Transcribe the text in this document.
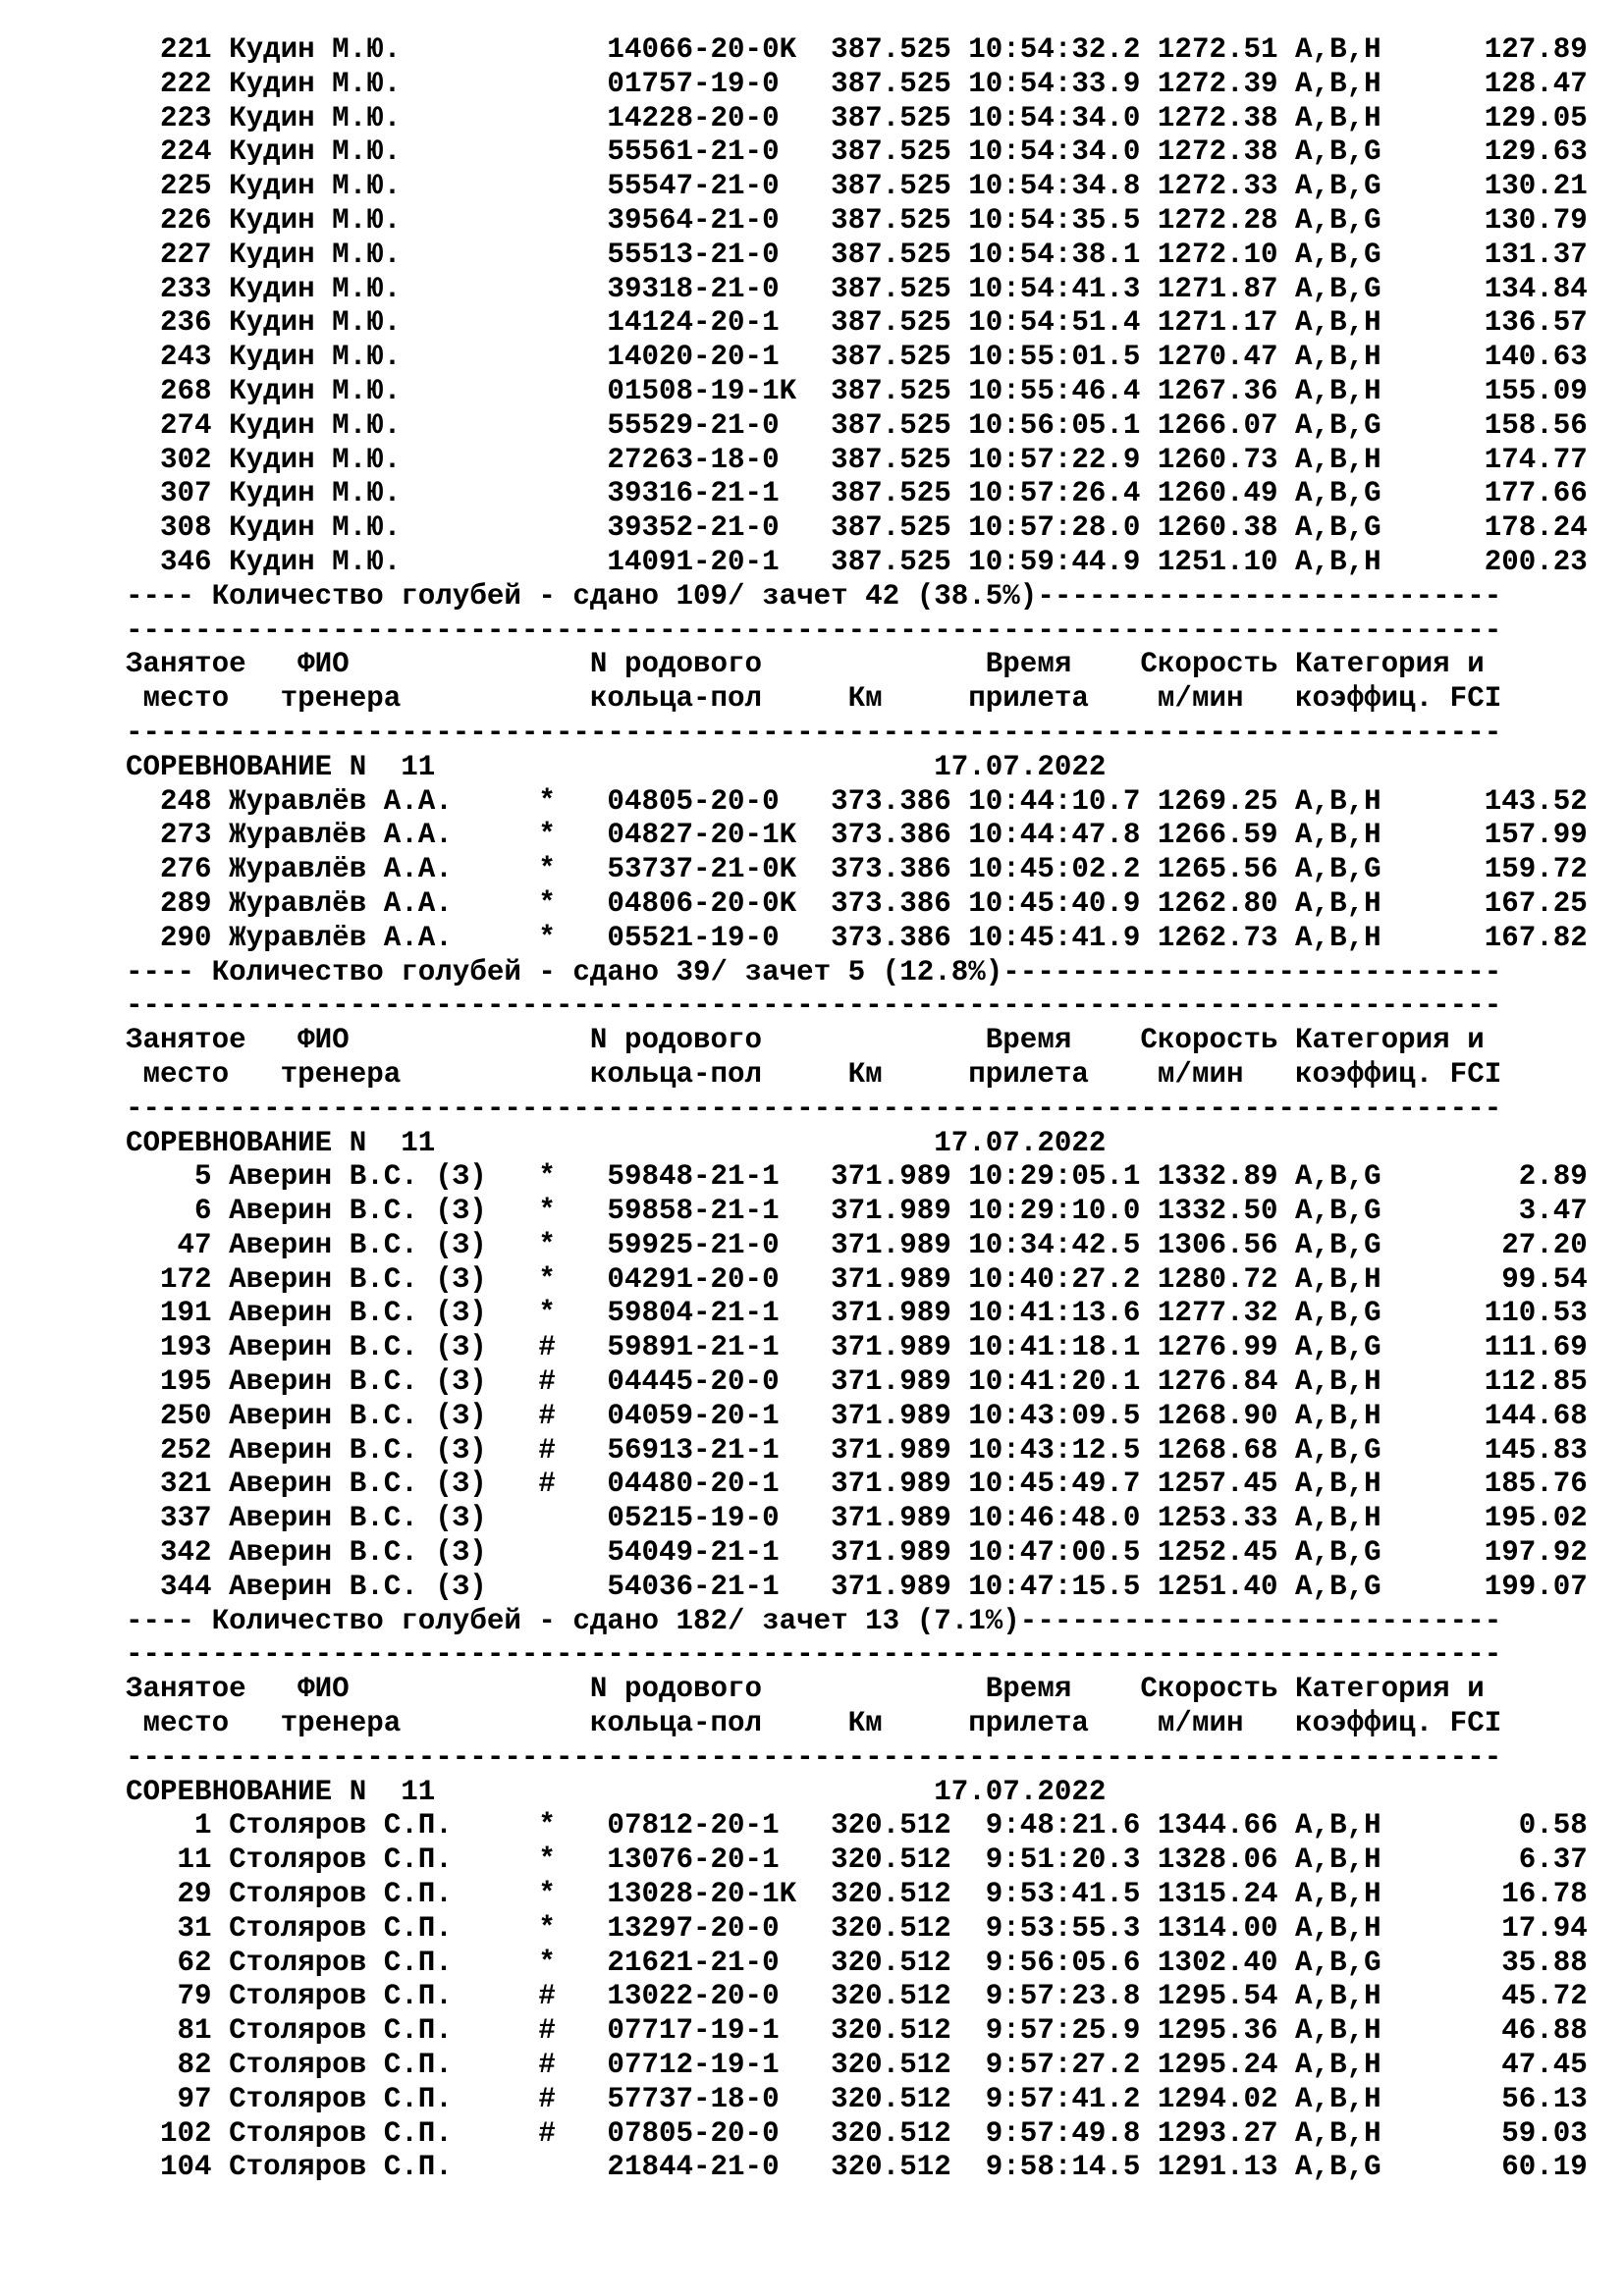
221 Кудин М.Ю.            14066-20-0K  387.525 10:54:32.2 1272.51 A,B,H      127.89
222 Кудин М.Ю.            01757-19-0   387.525 10:54:33.9 1272.39 A,B,H      128.47
223 Кудин М.Ю.            14228-20-0   387.525 10:54:34.0 1272.38 A,B,H      129.05
224 Кудин М.Ю.            55561-21-0   387.525 10:54:34.0 1272.38 A,B,G      129.63
225 Кудин М.Ю.            55547-21-0   387.525 10:54:34.8 1272.33 A,B,G      130.21
226 Кудин М.Ю.            39564-21-0   387.525 10:54:35.5 1272.28 A,B,G      130.79
227 Кудин М.Ю.            55513-21-0   387.525 10:54:38.1 1272.10 A,B,G      131.37
233 Кудин М.Ю.            39318-21-0   387.525 10:54:41.3 1271.87 A,B,G      134.84
236 Кудин М.Ю.            14124-20-1   387.525 10:54:51.4 1271.17 A,B,H      136.57
243 Кудин М.Ю.            14020-20-1   387.525 10:55:01.5 1270.47 A,B,H      140.63
268 Кудин М.Ю.            01508-19-1K  387.525 10:55:46.4 1267.36 A,B,H      155.09
274 Кудин М.Ю.            55529-21-0   387.525 10:56:05.1 1266.07 A,B,G      158.56
302 Кудин М.Ю.            27263-18-0   387.525 10:57:22.9 1260.73 A,B,H      174.77
307 Кудин М.Ю.            39316-21-1   387.525 10:57:26.4 1260.49 A,B,G      177.66
308 Кудин М.Ю.            39352-21-0   387.525 10:57:28.0 1260.38 A,B,G      178.24
346 Кудин М.Ю.            14091-20-1   387.525 10:59:44.9 1251.10 A,B,H      200.23
---- Количество голубей - сдано 109/ зачет 42 (38.5%)---------------------------
--------------------------------------------------------------------------------
Занятое   ФИО              N родового             Время    Скорость Категория и
место   тренера           кольца-пол     Км     прилета    м/мин   коэффиц. FCI
--------------------------------------------------------------------------------
СОРЕВНОВАНИЕ N  11                             17.07.2022
248 Журавлёв А.А.     *   04805-20-0   373.386 10:44:10.7 1269.25 A,B,H      143.52
273 Журавлёв А.А.     *   04827-20-1K  373.386 10:44:47.8 1266.59 A,B,H      157.99
276 Журавлёв А.А.     *   53737-21-0K  373.386 10:45:02.2 1265.56 A,B,G      159.72
289 Журавлёв А.А.     *   04806-20-0K  373.386 10:45:40.9 1262.80 A,B,H      167.25
290 Журавлёв А.А.     *   05521-19-0   373.386 10:45:41.9 1262.73 A,B,H      167.82
---- Количество голубей - сдано 39/ зачет 5 (12.8%)-----------------------------
--------------------------------------------------------------------------------
Занятое   ФИО              N родового             Время    Скорость Категория и
место   тренера           кольца-пол     Км     прилета    м/мин   коэффиц. FCI
--------------------------------------------------------------------------------
СОРЕВНОВАНИЕ N  11                             17.07.2022
5 Аверин В.С. (З)   *   59848-21-1   371.989 10:29:05.1 1332.89 A,B,G        2.89
6 Аверин В.С. (З)   *   59858-21-1   371.989 10:29:10.0 1332.50 A,B,G        3.47
47 Аверин В.С. (З)   *   59925-21-0   371.989 10:34:42.5 1306.56 A,B,G       27.20
172 Аверин В.С. (З)   *   04291-20-0   371.989 10:40:27.2 1280.72 A,B,H       99.54
191 Аверин В.С. (З)   *   59804-21-1   371.989 10:41:13.6 1277.32 A,B,G      110.53
193 Аверин В.С. (З)   #   59891-21-1   371.989 10:41:18.1 1276.99 A,B,G      111.69
195 Аверин В.С. (З)   #   04445-20-0   371.989 10:41:20.1 1276.84 A,B,H      112.85
250 Аверин В.С. (З)   #   04059-20-1   371.989 10:43:09.5 1268.90 A,B,H      144.68
252 Аверин В.С. (З)   #   56913-21-1   371.989 10:43:12.5 1268.68 A,B,G      145.83
321 Аверин В.С. (З)   #   04480-20-1   371.989 10:45:49.7 1257.45 A,B,H      185.76
337 Аверин В.С. (З)       05215-19-0   371.989 10:46:48.0 1253.33 A,B,H      195.02
342 Аверин В.С. (З)       54049-21-1   371.989 10:47:00.5 1252.45 A,B,G      197.92
344 Аверин В.С. (З)       54036-21-1   371.989 10:47:15.5 1251.40 A,B,G      199.07
---- Количество голубей - сдано 182/ зачет 13 (7.1%)----------------------------
--------------------------------------------------------------------------------
Занятое   ФИО              N родового             Время    Скорость Категория и
место   тренера           кольца-пол     Км     прилета    м/мин   коэффиц. FCI
--------------------------------------------------------------------------------
СОРЕВНОВАНИЕ N  11                             17.07.2022
1 Столяров С.П.     *   07812-20-1   320.512  9:48:21.6 1344.66 A,B,H        0.58
11 Столяров С.П.     *   13076-20-1   320.512  9:51:20.3 1328.06 A,B,H        6.37
29 Столяров С.П.     *   13028-20-1K  320.512  9:53:41.5 1315.24 A,B,H       16.78
31 Столяров С.П.     *   13297-20-0   320.512  9:53:55.3 1314.00 A,B,H       17.94
62 Столяров С.П.     *   21621-21-0   320.512  9:56:05.6 1302.40 A,B,G       35.88
79 Столяров С.П.     #   13022-20-0   320.512  9:57:23.8 1295.54 A,B,H       45.72
81 Столяров С.П.     #   07717-19-1   320.512  9:57:25.9 1295.36 A,B,H       46.88
82 Столяров С.П.     #   07712-19-1   320.512  9:57:27.2 1295.24 A,B,H       47.45
97 Столяров С.П.     #   57737-18-0   320.512  9:57:41.2 1294.02 A,B,H       56.13
102 Столяров С.П.     #   07805-20-0   320.512  9:57:49.8 1293.27 A,B,H       59.03
104 Столяров С.П.         21844-21-0   320.512  9:58:14.5 1291.13 A,B,G       60.19
